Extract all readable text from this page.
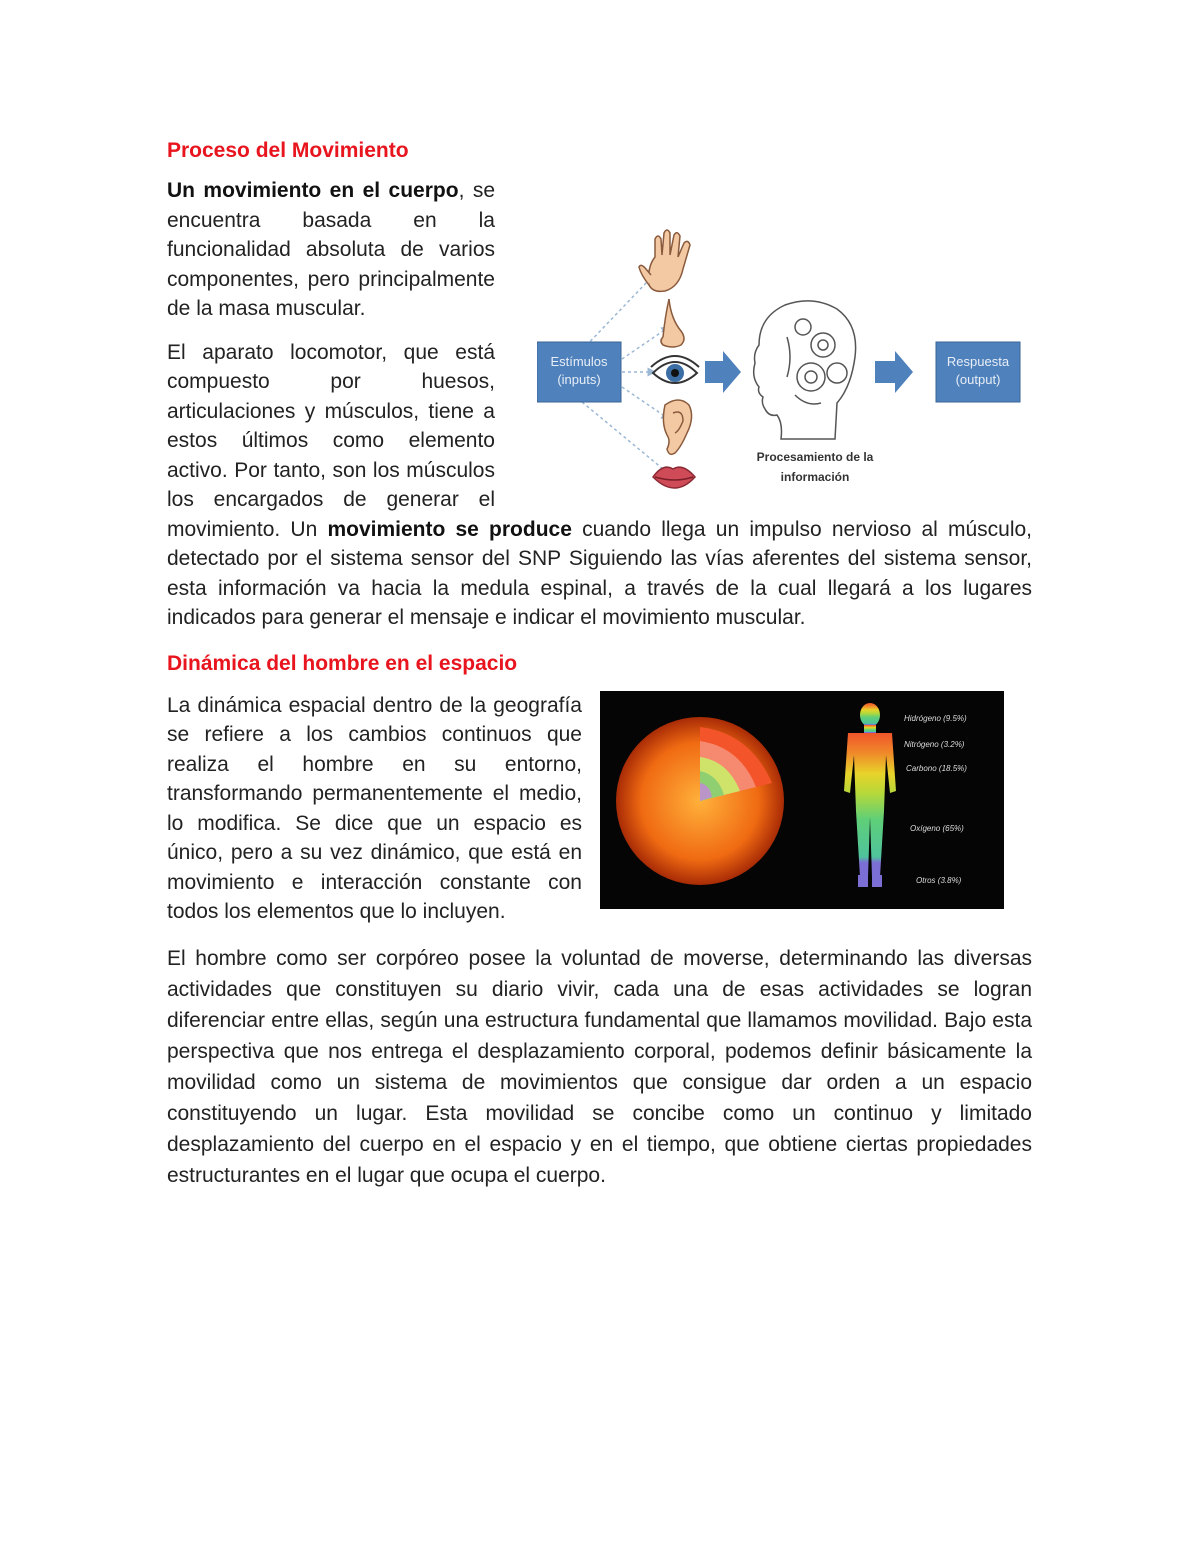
Proceso del Movimiento
Estímulos
(inputs)
Procesamiento de la
información
Respuesta
(output)

Un movimiento en el cuerpo, se encuentra basada en la funcionalidad absoluta de varios componentes, pero principalmente de la masa muscular.

El aparato locomotor, que está compuesto por huesos, articulaciones y músculos, tiene a estos últimos como elemento activo. Por tanto, son los músculos los encargados de generar el movimiento. Un movimiento se produce cuando llega un impulso nervioso al músculo, detectado por el sistema sensor del SNP Siguiendo las vías aferentes del sistema sensor, esta información va hacia la medula espinal, a través de la cual llegará a los lugares indicados para generar el mensaje e indicar el movimiento muscular.

Dinámica del hombre en el espacio
Hidrógeno (9.5%)
Nitrógeno (3.2%)
Carbono (18.5%)
Oxígeno (65%)
Otros (3.8%)

La dinámica espacial dentro de la geografía se refiere a los cambios continuos que realiza el hombre en su entorno, transformando permanentemente el medio, lo modifica. Se dice que un espacio es único, pero a su vez dinámico, que está en movimiento e interacción constante con todos los elementos que lo incluyen.

El hombre como ser corpóreo posee la voluntad de moverse, determinando las diversas actividades que constituyen su diario vivir, cada una de esas actividades se logran diferenciar entre ellas, según una estructura fundamental que llamamos movilidad. Bajo esta perspectiva que nos entrega el desplazamiento corporal, podemos definir básicamente la movilidad como un sistema de movimientos que consigue dar orden a un espacio constituyendo un lugar. Esta movilidad se concibe como un continuo y limitado desplazamiento del cuerpo en el espacio y en el tiempo, que obtiene ciertas propiedades estructurantes en el lugar que ocupa el cuerpo.
